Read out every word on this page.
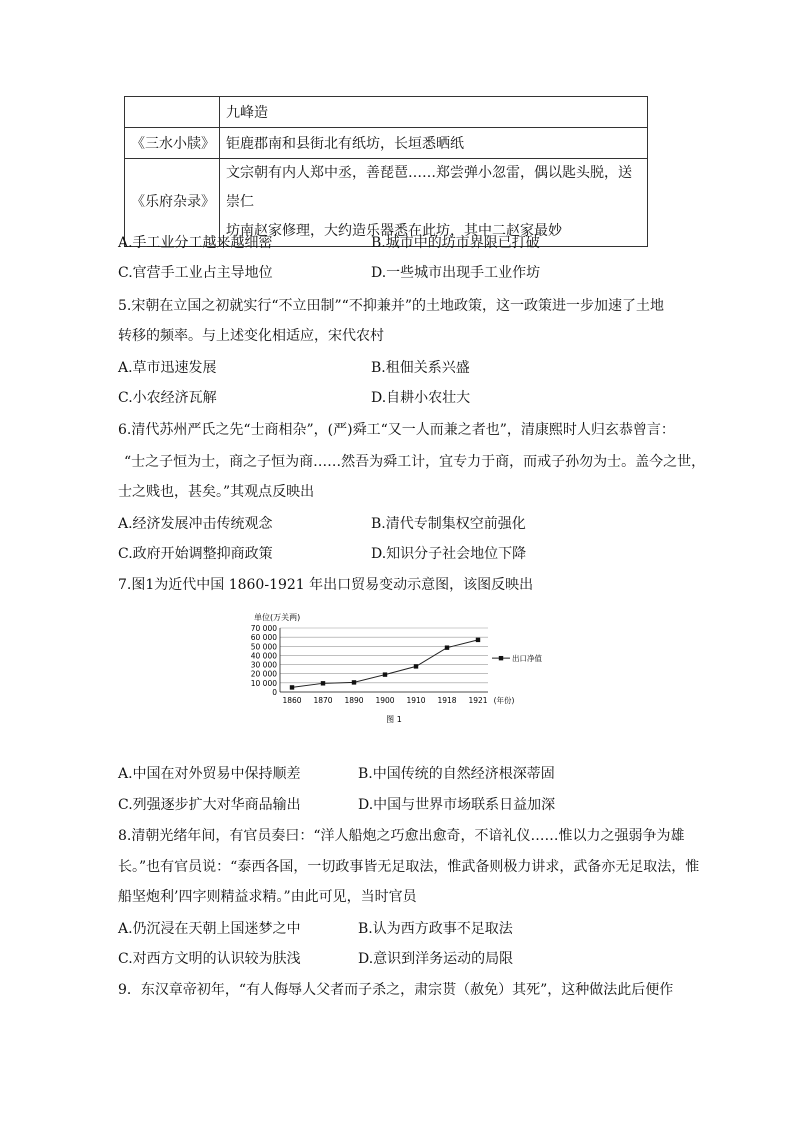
	九峰造
《三水小牍》	钜鹿郡南和县街北有纸坊，长垣悉晒纸
《乐府杂录》	文宗朝有内人郑中丞，善琵琶……郑尝弹小忽雷，偶以匙头脱，送崇仁
坊南赵家修理，大约造乐器悉在此坊，其中二赵家最妙
A.手工业分工越来越细密	B.城市中的坊市界限已打破
C.官营手工业占主导地位	D.一些城市出现手工业作坊
5.宋朝在立国之初就实行“不立田制”“不抑兼并”的土地政策，这一政策进一步加速了土地
转移的频率。与上述变化相适应，宋代农村
A.草市迅速发展	B.租佃关系兴盛
C.小农经济瓦解	D.自耕小农壮大
6.清代苏州严氏之先“士商相杂”，(严)舜工“又一人而兼之者也”，清康熙时人归玄恭曾言：
“士之子恒为士，商之子恒为商……然吾为舜工计，宜专力于商，而戒子孙勿为士。盖今之世，
士之贱也，甚矣。”其观点反映出
A.经济发展冲击传统观念	B.清代专制集权空前强化
C.政府开始调整抑商政策	D.知识分子社会地位下降
7.图1为近代中国 1860-1921 年出口贸易变动示意图，该图反映出
单位(万关两)
0
10 000
20 000
30 000
40 000
50 000
60 000
70 000
1860 1870 1890 1900 1910 1918 1921 (年份)
出口净值
图 1
A.中国在对外贸易中保持顺差	B.中国传统的自然经济根深蒂固
C.列强逐步扩大对华商品输出	D.中国与世界市场联系日益加深
8.清朝光绪年间，有官员奏曰：“洋人船炮之巧愈出愈奇，不谙礼仪……惟以力之强弱争为雄
长。”也有官员说：“泰西各国，一切政事皆无足取法，惟武备则极力讲求，武备亦无足取法，惟
船坚炮利’四字则精益求精。”由此可见，当时官员
A.仍沉浸在天朝上国迷梦之中	B.认为西方政事不足取法
C.对西方文明的认识较为肤浅	D.意识到洋务运动的局限
9．东汉章帝初年，“有人侮辱人父者而子杀之，肃宗贳（赦免）其死”，这种做法此后便作
